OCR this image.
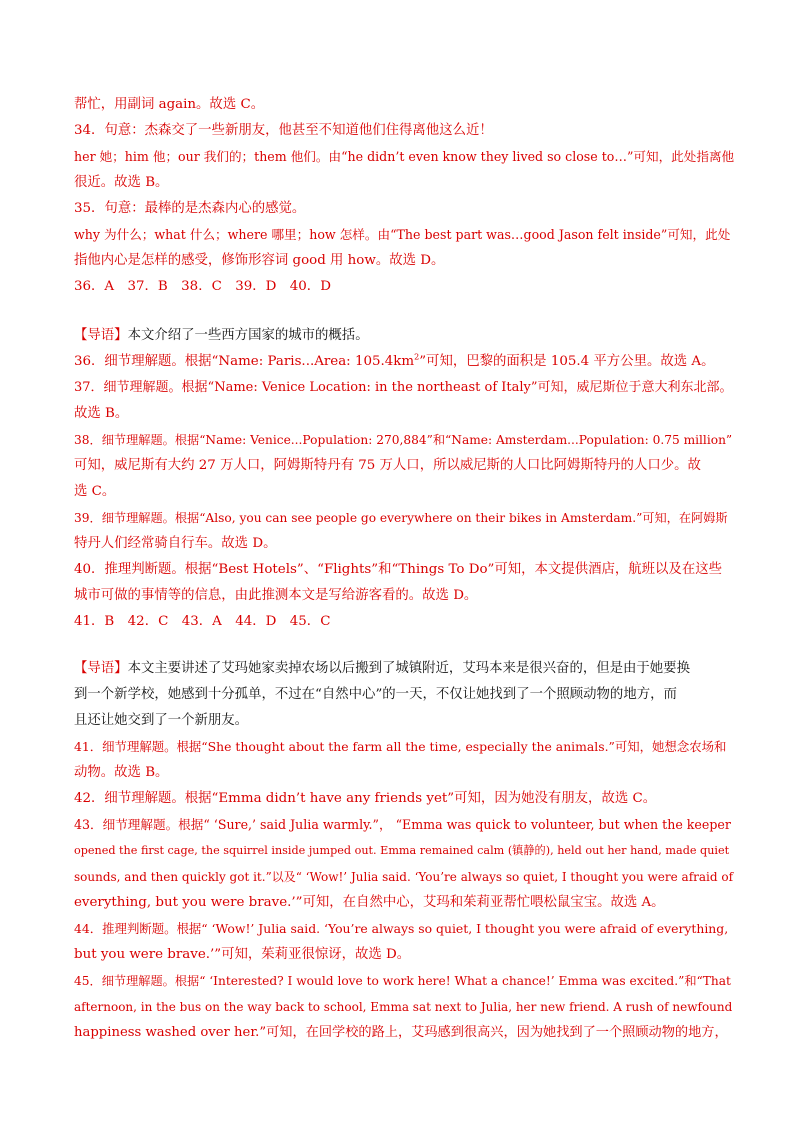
帮忙，用副词 again。故选 C。
34．句意：杰森交了一些新朋友，他甚至不知道他们住得离他这么近！
her 她；him 他；our 我们的；them 他们。由“he didn’t even know they lived so close to…”可知，此处指离他
很近。故选 B。
35．句意：最棒的是杰森内心的感觉。
why 为什么；what 什么；where 哪里；how 怎样。由“The best part was…good Jason felt inside”可知，此处
指他内心是怎样的感受，修饰形容词 good 用 how。故选 D。
36．A　37．B　38．C　39．D　40．D
【导语】本文介绍了一些西方国家的城市的概括。
36．细节理解题。根据“Name: Paris...Area: $105.4km^2$”可知，巴黎的面积是 105.4 平方公里。故选 A。
37．细节理解题。根据“Name: Venice Location: in the northeast of Italy”可知，威尼斯位于意大利东北部。
故选 B。
38．细节理解题。根据“Name: Venice...Population: 270,884”和“Name: Amsterdam...Population: 0.75 million”
可知，威尼斯有大约 27 万人口，阿姆斯特丹有 75 万人口，所以威尼斯的人口比阿姆斯特丹的人口少。故
选 C。
39．细节理解题。根据“Also, you can see people go everywhere on their bikes in Amsterdam.”可知，在阿姆斯
特丹人们经常骑自行车。故选 D。
40．推理判断题。根据“Best Hotels”、“Flights”和“Things To Do”可知，本文提供酒店，航班以及在这些
城市可做的事情等的信息，由此推测本文是写给游客看的。故选 D。
41．B　42．C　43．A　44．D　45．C
【导语】本文主要讲述了艾玛她家卖掉农场以后搬到了城镇附近，艾玛本来是很兴奋的，但是由于她要换
到一个新学校，她感到十分孤单，不过在“自然中心”的一天，不仅让她找到了一个照顾动物的地方，而
且还让她交到了一个新朋友。
41．细节理解题。根据“She thought about the farm all the time, especially the animals.”可知，她想念农场和
动物。故选 B。
42．细节理解题。根据“Emma didn’t have any friends yet”可知，因为她没有朋友，故选 C。
43．细节理解题。根据“ ‘Sure,’ said Julia warmly.”， “Emma was quick to volunteer, but when the keeper
opened the first cage, the squirrel inside jumped out. Emma remained calm (镇静的), held out her hand, made quiet
sounds, and then quickly got it.”以及“ ‘Wow!’ Julia said. ‘You’re always so quiet, I thought you were afraid of
everything, but you were brave.’”可知，在自然中心，艾玛和茱莉亚帮忙喂松鼠宝宝。故选 A。
44．推理判断题。根据“ ‘Wow!’ Julia said. ‘You’re always so quiet, I thought you were afraid of everything,
but you were brave.’”可知，茱莉亚很惊讶，故选 D。
45．细节理解题。根据“ ‘Interested? I would love to work here! What a chance!’ Emma was excited.”和“That
afternoon, in the bus on the way back to school, Emma sat next to Julia, her new friend. A rush of newfound
happiness washed over her.”可知，在回学校的路上，艾玛感到很高兴，因为她找到了一个照顾动物的地方，
